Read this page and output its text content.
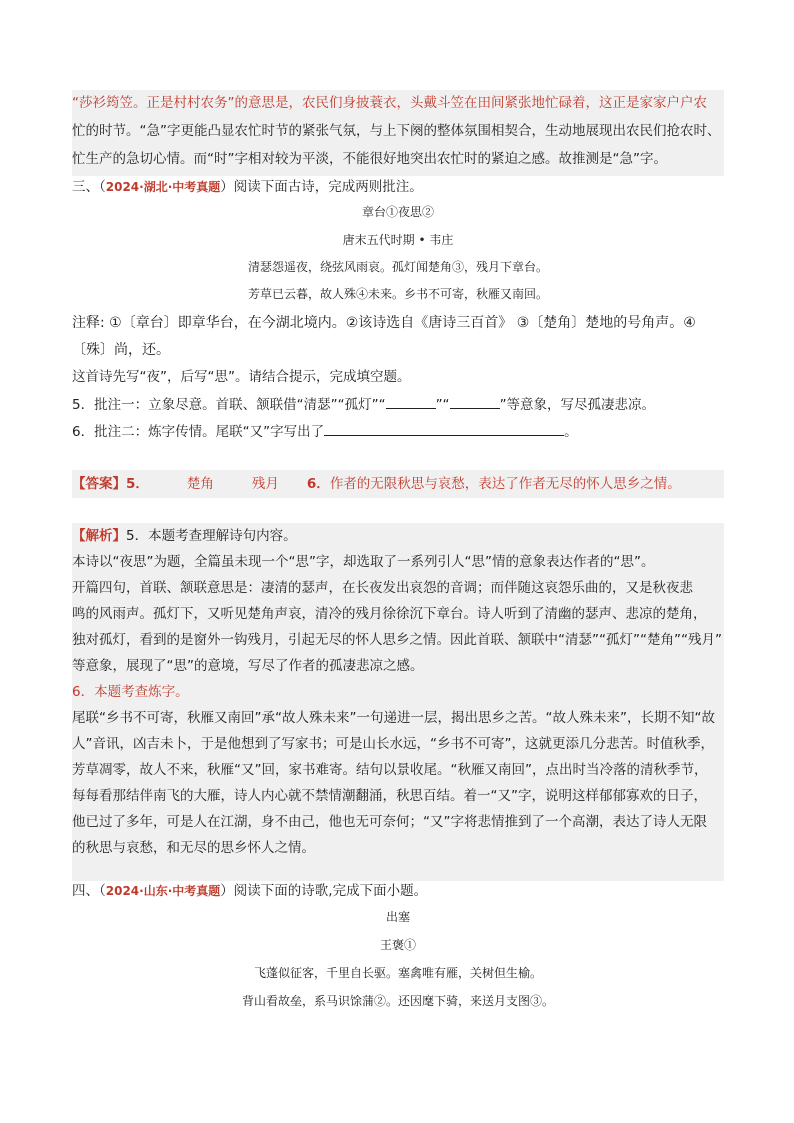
“莎衫筠笠。正是村村农务”的意思是，农民们身披蓑衣，头戴斗笠在田间紧张地忙碌着，这正是家家户户农
忙的时节。“急”字更能凸显农忙时节的紧张气氛，与上下阕的整体氛围相契合，生动地展现出农民们抢农时、
忙生产的急切心情。而“时”字相对较为平淡，不能很好地突出农忙时的紧迫之感。故推测是“急”字。
三、（2024·湖北·中考真题）阅读下面古诗，完成两则批注。
章台①夜思②
唐末五代时期 • 韦庄
清瑟怨遥夜，绕弦风雨哀。孤灯闻楚角③，残月下章台。
芳草已云暮，故人殊④未来。乡书不可寄，秋雁又南回。
注释: ①〔章台〕即章华台，在今湖北境内。②该诗选自《唐诗三百首》 ③〔楚角〕楚地的号角声。④
〔殊〕尚，还。
这首诗先写“夜”，后写“思”。请结合提示，完成填空题。
5．批注一：立象尽意。首联、颔联借“清瑟”“孤灯”“	”“	”等意象，写尽孤凄悲凉。
6．批注二：炼字传情。尾联“又”字写出了	。
【答案】5．	楚角	残月 6．作者的无限秋思与哀愁，表达了作者无尽的怀人思乡之情。
【解析】5．本题考查理解诗句内容。
本诗以“夜思”为题，全篇虽未现一个“思”字，却选取了一系列引人“思”情的意象表达作者的“思”。
开篇四句，首联、颔联意思是：凄清的瑟声，在长夜发出哀怨的音调；而伴随这哀怨乐曲的，又是秋夜悲
鸣的风雨声。孤灯下，又听见楚角声哀，清冷的残月徐徐沉下章台。诗人听到了清幽的瑟声、悲凉的楚角，
独对孤灯，看到的是窗外一钩残月，引起无尽的怀人思乡之情。因此首联、颔联中“清瑟”“孤灯”“楚角”“残月”
等意象，展现了“思”的意境，写尽了作者的孤凄悲凉之感。
6．本题考查炼字。
尾联“乡书不可寄，秋雁又南回”承“故人殊未来”一句递进一层，揭出思乡之苦。“故人殊未来”，长期不知“故
人”音讯，凶吉未卜，于是他想到了写家书；可是山长水远，“乡书不可寄”，这就更添几分悲苦。时值秋季，
芳草凋零，故人不来，秋雁“又”回，家书难寄。结句以景收尾。“秋雁又南回”，点出时当冷落的清秋季节，
每每看那结伴南飞的大雁，诗人内心就不禁情潮翻涌，秋思百结。着一“又”字，说明这样郁郁寡欢的日子，
他已过了多年，可是人在江湖，身不由己，他也无可奈何；“又”字将悲情推到了一个高潮，表达了诗人无限
的秋思与哀愁，和无尽的思乡怀人之情。
四、（2024·山东·中考真题）阅读下面的诗歌,完成下面小题。
出塞
王褒①
飞蓬似征客，千里自长驱。塞禽唯有雁，关树但生榆。
背山看故垒，系马识馀蒲②。还因麾下骑，来送月支图③。
